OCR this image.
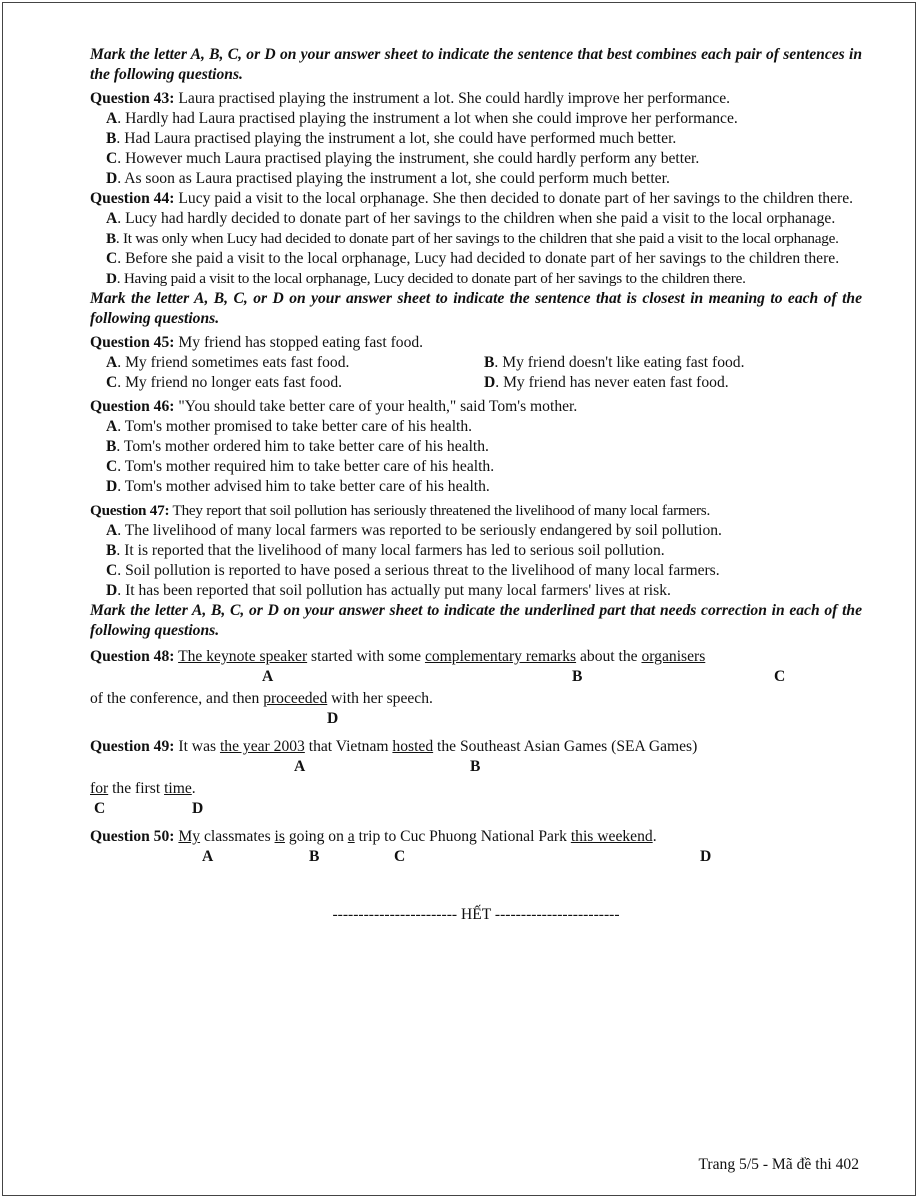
Mark the letter A, B, C, or D on your answer sheet to indicate the sentence that best combines each pair of sentences in the following questions.
Question 43: Laura practised playing the instrument a lot. She could hardly improve her performance.
A. Hardly had Laura practised playing the instrument a lot when she could improve her performance.
B. Had Laura practised playing the instrument a lot, she could have performed much better.
C. However much Laura practised playing the instrument, she could hardly perform any better.
D. As soon as Laura practised playing the instrument a lot, she could perform much better.
Question 44: Lucy paid a visit to the local orphanage. She then decided to donate part of her savings to the children there.
A. Lucy had hardly decided to donate part of her savings to the children when she paid a visit to the local orphanage.
B. It was only when Lucy had decided to donate part of her savings to the children that she paid a visit to the local orphanage.
C. Before she paid a visit to the local orphanage, Lucy had decided to donate part of her savings to the children there.
D. Having paid a visit to the local orphanage, Lucy decided to donate part of her savings to the children there.
Mark the letter A, B, C, or D on your answer sheet to indicate the sentence that is closest in meaning to each of the following questions.
Question 45: My friend has stopped eating fast food.
A. My friend sometimes eats fast food.	B. My friend doesn't like eating fast food.
C. My friend no longer eats fast food.	D. My friend has never eaten fast food.
Question 46: "You should take better care of your health," said Tom's mother.
A. Tom's mother promised to take better care of his health.
B. Tom's mother ordered him to take better care of his health.
C. Tom's mother required him to take better care of his health.
D. Tom's mother advised him to take better care of his health.
Question 47: They report that soil pollution has seriously threatened the livelihood of many local farmers.
A. The livelihood of many local farmers was reported to be seriously endangered by soil pollution.
B. It is reported that the livelihood of many local farmers has led to serious soil pollution.
C. Soil pollution is reported to have posed a serious threat to the livelihood of many local farmers.
D. It has been reported that soil pollution has actually put many local farmers' lives at risk.
Mark the letter A, B, C, or D on your answer sheet to indicate the underlined part that needs correction in each of the following questions.
Question 48: The keynote speaker started with some complementary remarks about the organisers
A	B	C
of the conference, and then proceeded with her speech.
D
Question 49: It was the year 2003 that Vietnam hosted the Southeast Asian Games (SEA Games)
A	B
for the first time.
C	D
Question 50: My classmates is going on a trip to Cuc Phuong National Park this weekend.
A	B	C	D
------------------------ HẾT ------------------------
Trang 5/5 - Mã đề thi 402
